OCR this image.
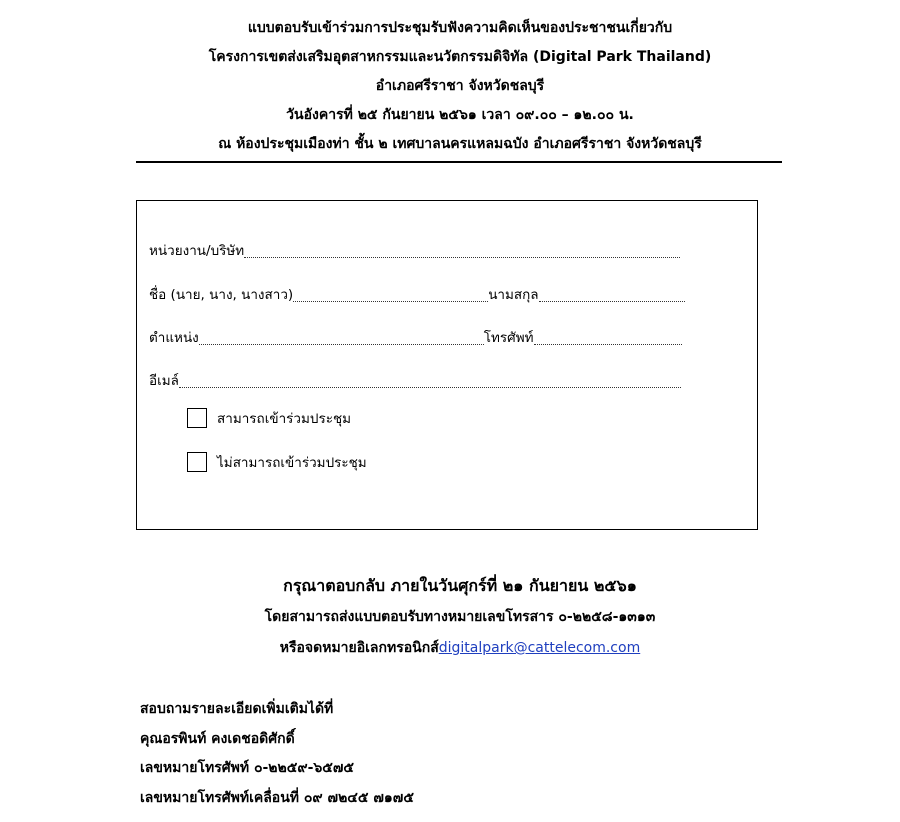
แบบตอบรับเข้าร่วมการประชุมรับฟังความคิดเห็นของประชาชนเกี่ยวกับ
โครงการเขตส่งเสริมอุตสาหกรรมและนวัตกรรมดิจิทัล (Digital Park Thailand)
อำเภอศรีราชา จังหวัดชลบุรี
วันอังคารที่ ๒๕ กันยายน ๒๕๖๑ เวลา ๐๙.๐๐ – ๑๒.๐๐ น.
ณ ห้องประชุมเมืองท่า ชั้น ๒ เทศบาลนครแหลมฉบัง อำเภอศรีราชา จังหวัดชลบุรี
หน่วยงาน/บริษัท
ชื่อ (นาย, นาง, นางสาว)	นามสกุล
ตำแหน่ง	โทรศัพท์
อีเมล์
สามารถเข้าร่วมประชุม
ไม่สามารถเข้าร่วมประชุม
กรุณาตอบกลับ ภายในวันศุกร์ที่ ๒๑ กันยายน ๒๕๖๑
โดยสามารถส่งแบบตอบรับทางหมายเลขโทรสาร ๐-๒๒๕๘-๑๓๑๓
หรือจดหมายอิเลกทรอนิกส์digitalpark@cattelecom.com
สอบถามรายละเอียดเพิ่มเติมได้ที่
คุณอรพินท์ คงเดชอดิศักดิ์
เลขหมายโทรศัพท์ ๐-๒๒๕๙-๖๕๗๕
เลขหมายโทรศัพท์เคลื่อนที่ ๐๙ ๗๒๔๕ ๗๑๗๕
